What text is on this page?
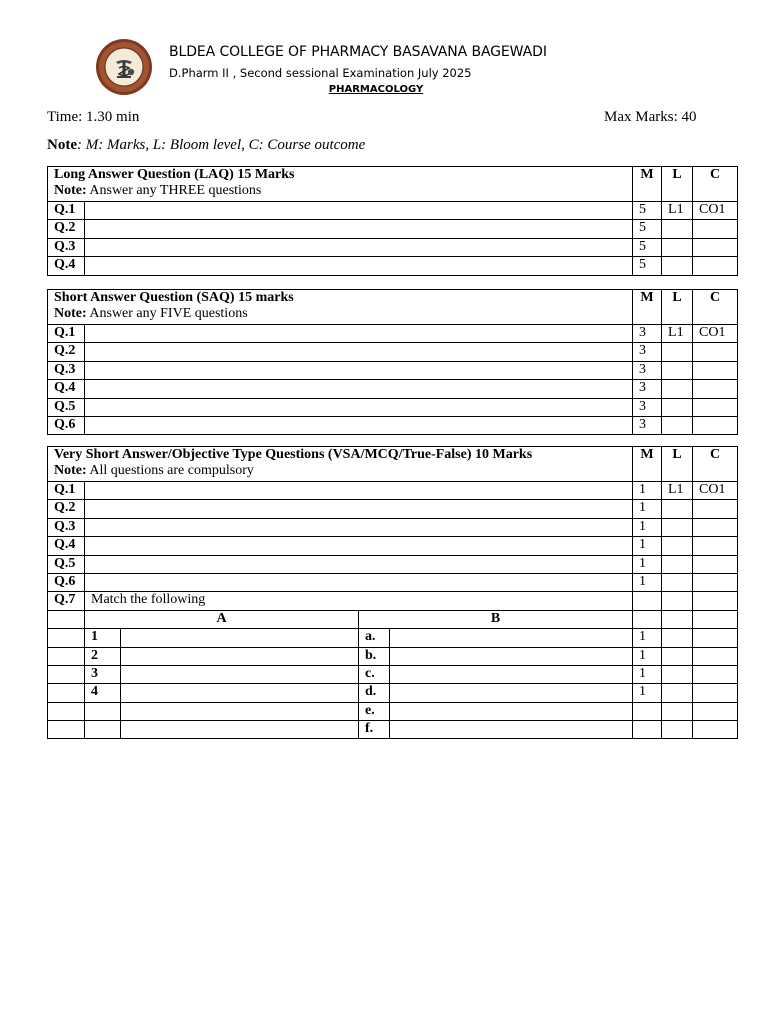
BLDEA COLLEGE OF PHARMACY BASAVANA BAGEWADI
D.Pharm II , Second sessional Examination July 2025
PHARMACOLOGY
Time: 1.30 min	Max Marks: 40
Note: M: Marks, L: Bloom level, C: Course outcome
Long Answer Question (LAQ) 15 Marks
Note: Answer any THREE questions		M	L	C
Q.1		5	L1	CO1
Q.2		5		
Q.3		5		
Q.4		5		
Short Answer Question (SAQ) 15 marks
Note: Answer any FIVE questions		M	L	C
Q.1		3	L1	CO1
Q.2		3		
Q.3		3		
Q.4		3		
Q.5		3		
Q.6		3		
Very Short Answer/Objective Type Questions (VSA/MCQ/True-False) 10 Marks
Note: All questions are compulsory					M	L	C
Q.1					1	L1	CO1
Q.2					1		
Q.3					1		
Q.4					1		
Q.5					1		
Q.6					1		
Q.7	Match the following						
	A		B				
	1		a.		1		
	2		b.		1		
	3		c.		1		
	4		d.		1		
			e.				
			f.				
